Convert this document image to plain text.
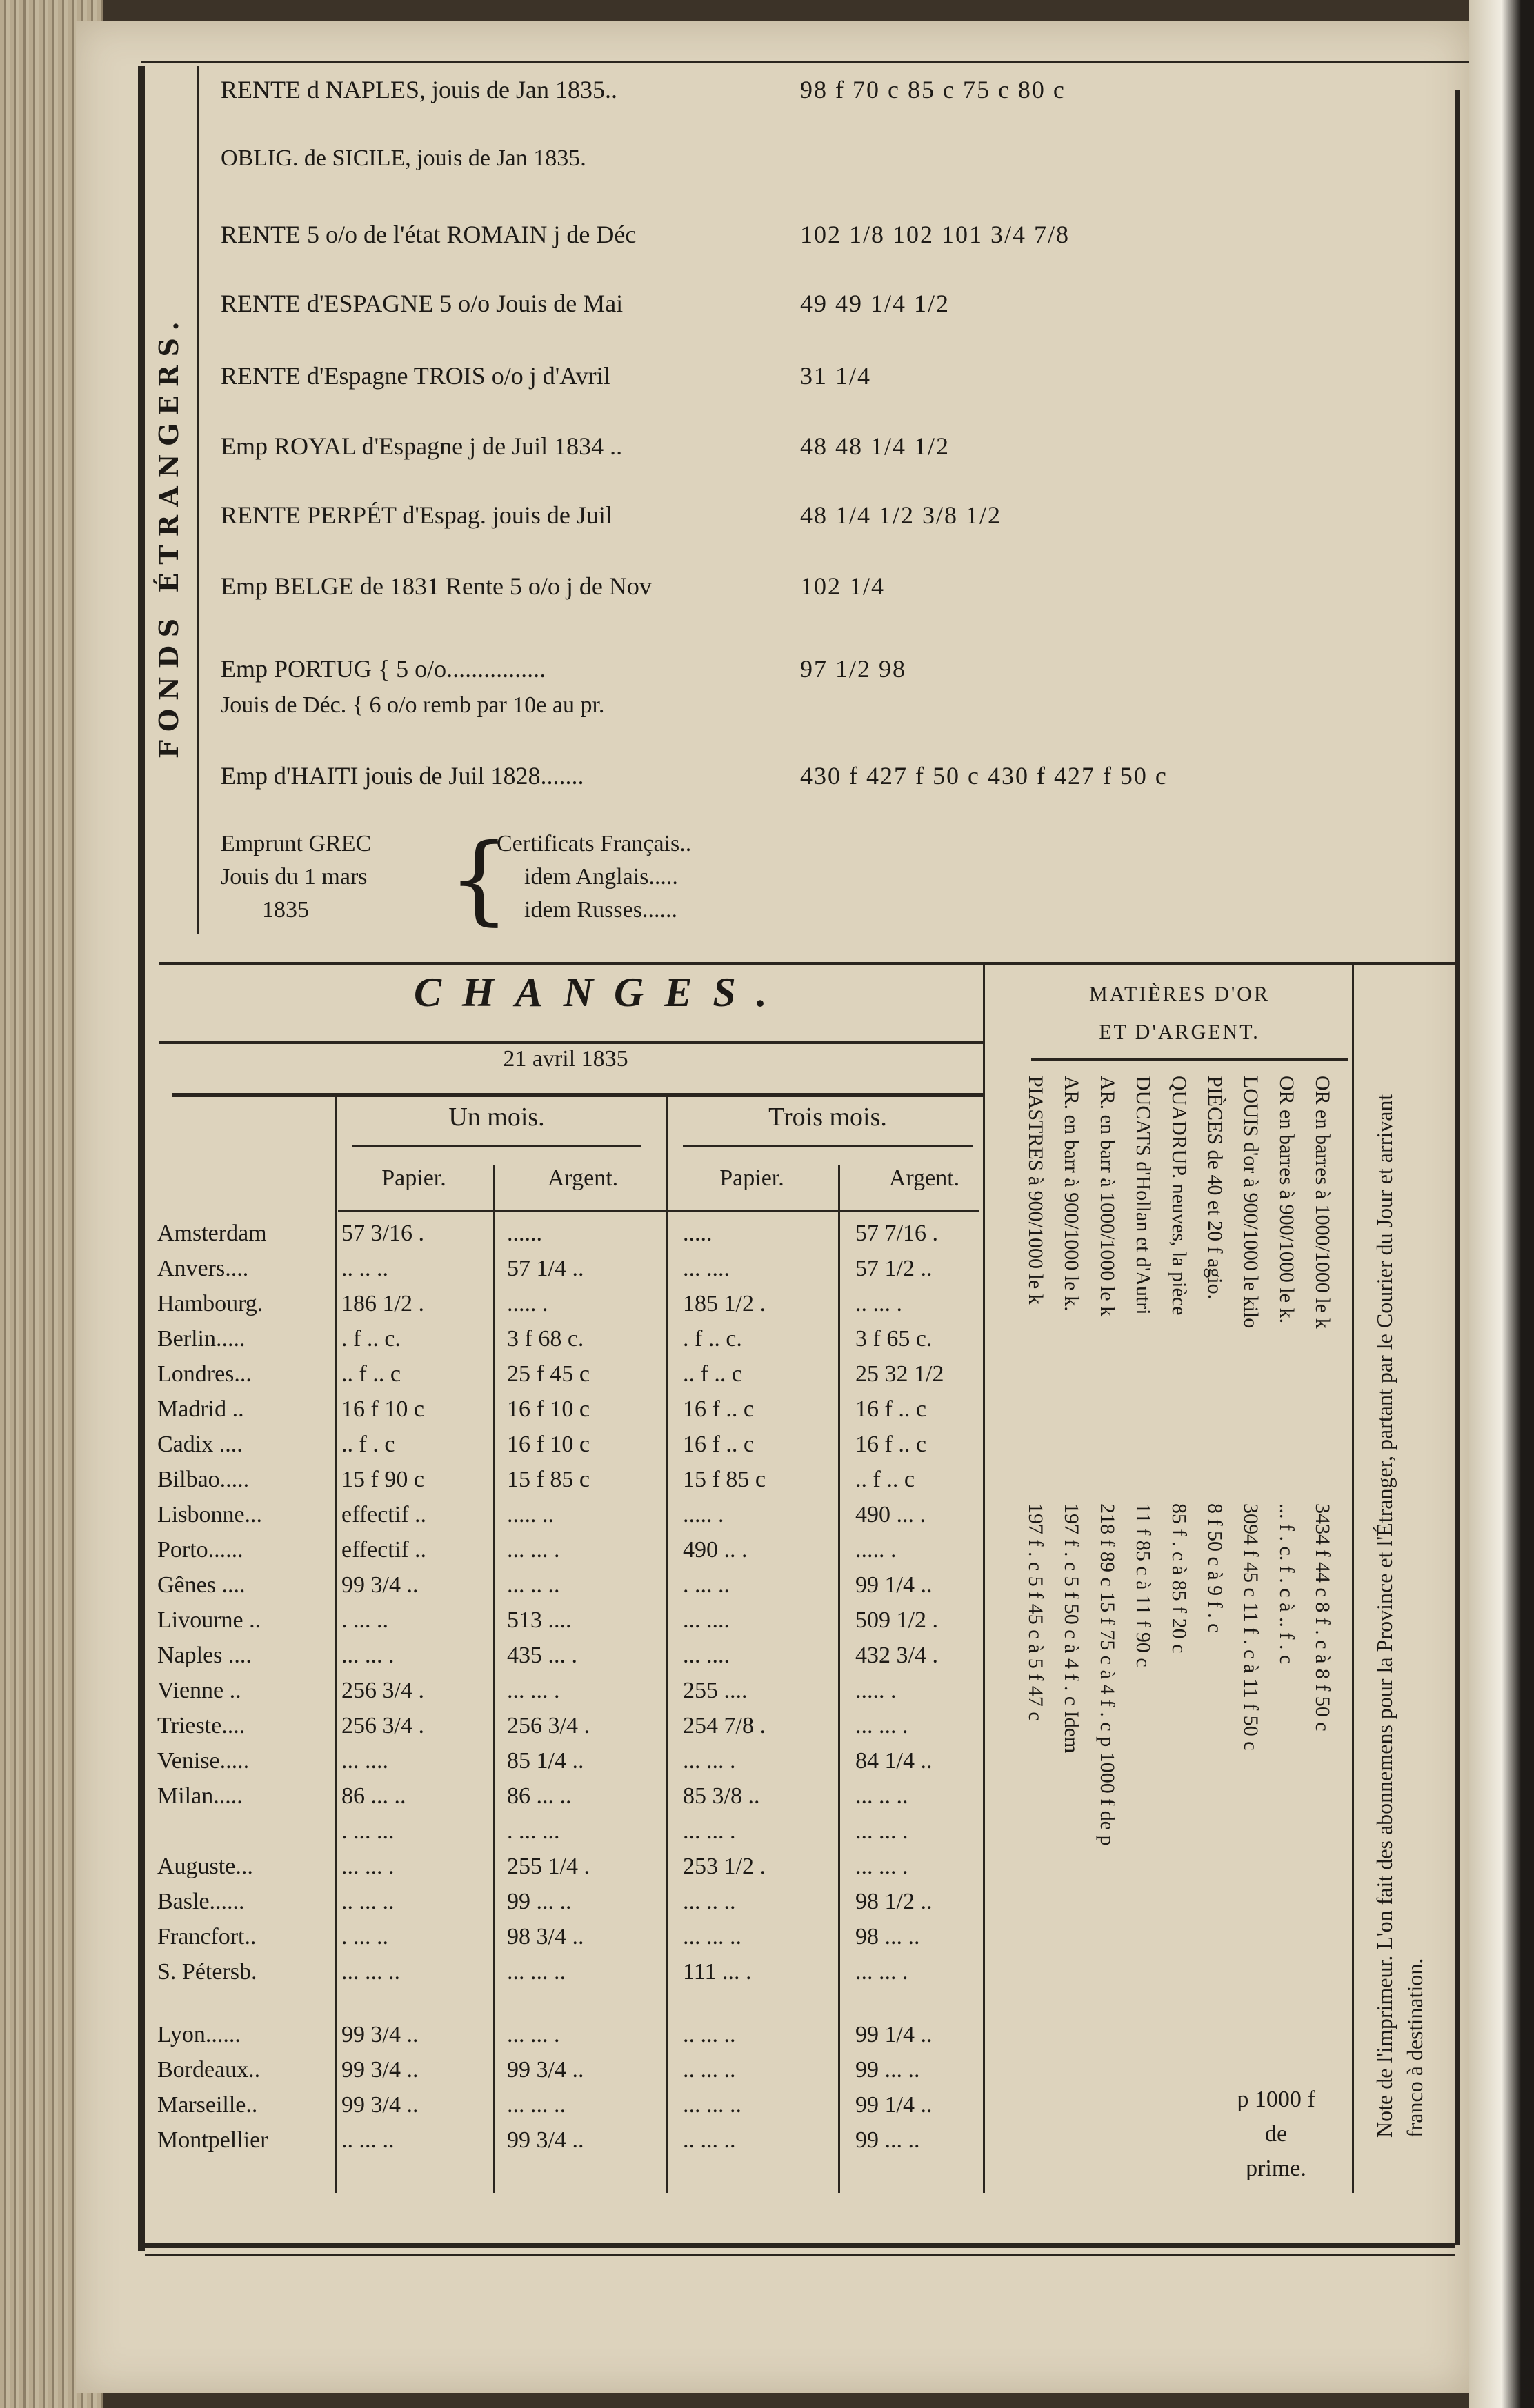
FONDS ÉTRANGERS.
RENTE d NAPLES, jouis de Jan 1835..	98 f 70 c 85 c 75 c 80 c
OBLIG. de SICILE, jouis de Jan 1835.
RENTE 5 o/o de l'état ROMAIN j de Déc	102 1/8 102 101 3/4 7/8
RENTE d'ESPAGNE 5 o/o Jouis de Mai	49 49 1/4 1/2
RENTE d'Espagne TROIS o/o j d'Avril	31 1/4
Emp ROYAL d'Espagne j de Juil 1834 ..	48 48 1/4 1/2
RENTE PERPÉT d'Espag. jouis de Juil	48 1/4 1/2 3/8 1/2
Emp BELGE de 1831 Rente 5 o/o j de Nov	102 1/4
Emp PORTUG { 5 o/o................	97 1/2 98
Jouis de Déc. { 6 o/o remb par 10e au pr.
Emp d'HAITI jouis de Juil 1828.......	430 f 427 f 50 c 430 f 427 f 50 c
Emprunt GREC
Jouis du 1 mars
1835	{
Certificats Français..
idem Anglais.....
idem Russes......
CHANGES.
21 avril 1835
Un mois.	Trois mois.
Papier.	Argent.	Papier.	Argent.
Amsterdam	57 3/16 .	......	.....	57 7/16 .
Anvers....	.. .. ..	57 1/4 ..	... ....	57 1/2 ..
Hambourg.	186 1/2 .	..... .	185 1/2 .	.. ... .
Berlin.....	. f .. c.	3 f 68 c.	. f .. c.	3 f 65 c.
Londres...	.. f .. c	25 f 45 c	.. f .. c	25 32 1/2
Madrid ..	16 f 10 c	16 f 10 c	16 f .. c	16 f .. c
Cadix ....	.. f . c	16 f 10 c	16 f .. c	16 f .. c
Bilbao.....	15 f 90 c	15 f 85 c	15 f 85 c	.. f .. c
Lisbonne...	effectif ..	..... ..	..... .	490 ... .
Porto......	effectif ..	... ... .	490 .. .	..... .
Gênes ....	99 3/4 ..	... .. ..	. ... ..	99 1/4 ..
Livourne ..	. ... ..	513 ....	... ....	509 1/2 .
Naples ....	... ... .	435 ... .	... ....	432 3/4 .
Vienne ..	256 3/4 .	... ... .	255 ....	..... .
Trieste....	256 3/4 .	256 3/4 .	254 7/8 .	... ... .
Venise.....	... ....	85 1/4 ..	... ... .	84 1/4 ..
Milan.....	86 ... ..	86 ... ..	85 3/8 ..	... .. ..
. ... ...	. ... ...	... ... .	... ... .
Auguste...	... ... .	255 1/4 .	253 1/2 .	... ... .
Basle......	.. ... ..	99 ... ..	... .. ..	98 1/2 ..
Francfort..	. ... ..	98 3/4 ..	... ... ..	98 ... ..
S. Pétersb.	... ... ..	... ... ..	111 ... .	... ... .
Lyon......	99 3/4 ..	... ... .	.. ... ..	99 1/4 ..
Bordeaux..	99 3/4 ..	99 3/4 ..	.. ... ..	99 ... ..
Marseille..	99 3/4 ..	... ... ..	... ... ..	99 1/4 ..
Montpellier	.. ... ..	99 3/4 ..	.. ... ..	99 ... ..
MATIÈRES D'OR
ET D'ARGENT.
OR en barres à 1000/1000 le k
3434 f 44 c 8 f . c à 8 f 50 c
OR en barres à 900/1000 le k.
... f . c. f . c à .. f . c
LOUIS d'or à 900/1000 le kilo
3094 f 45 c 11 f . c à 11 f 50 c
PIÈCES de 40 et 20 f agio.
8 f 50 c à 9 f . c
QUADRUP. neuves, la pièce
85 f . c à 85 f 20 c
DUCATS d'Hollan et d'Autri
11 f 85 c à 11 f 90 c
AR. en barr à 1000/1000 le k
218 f 89 c 15 f 75 c à 4 f . c p 1000 f de p
AR. en barr à 900/1000 le k.
197 f . c 5 f 50 c à 4 f . c Idem
PIASTRES à 900/1000 le k
197 f . c 5 f 45 c à 5 f 47 c
p 1000 f
de
prime.
Note de l'imprimeur. L'on fait des abonnemens pour la Province et l'Étranger, partant par le Courier du Jour et arrivant franco à destination.
